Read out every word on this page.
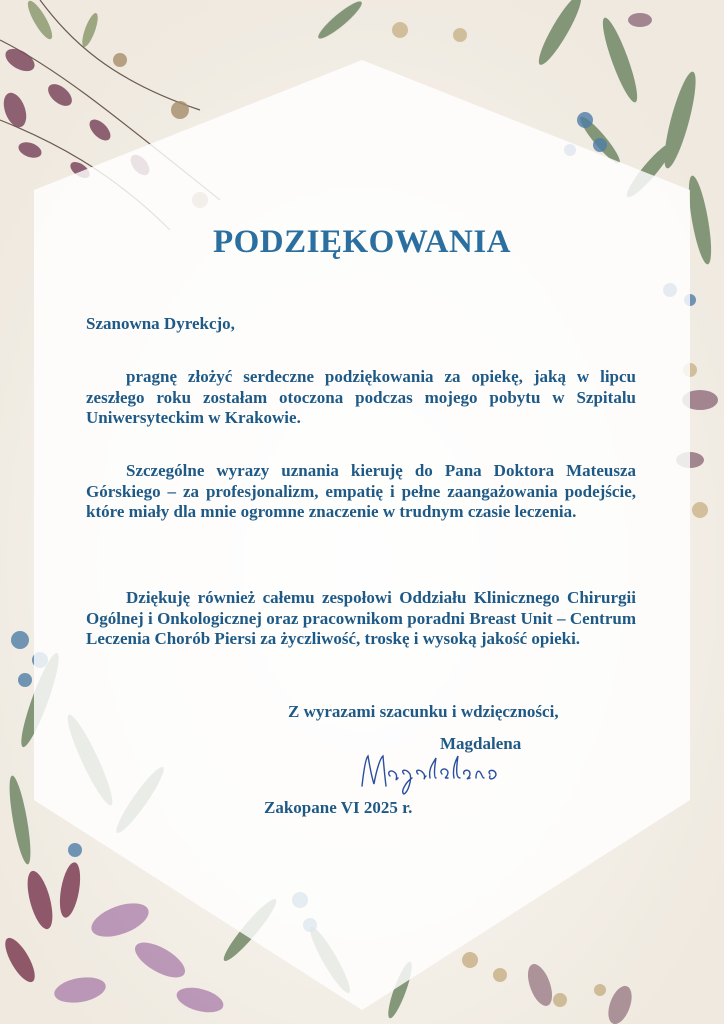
PODZIĘKOWANIA
Szanowna Dyrekcjo,
pragnę złożyć serdeczne podziękowania za opiekę, jaką w lipcu zeszłego roku zostałam otoczona podczas mojego pobytu w Szpitalu Uniwersyteckim w Krakowie.
Szczególne wyrazy uznania kieruję do Pana Doktora Mateusza Górskiego – za profesjonalizm, empatię i pełne zaangażowania podejście, które miały dla mnie ogromne znaczenie w trudnym czasie leczenia.
Dziękuję również całemu zespołowi Oddziału Klinicznego Chirurgii Ogólnej i Onkologicznej oraz pracownikom poradni Breast Unit – Centrum Leczenia Chorób Piersi za życzliwość, troskę i wysoką jakość opieki.
Z wyrazami szacunku i wdzięczności,
Magdalena
Zakopane VI 2025 r.
